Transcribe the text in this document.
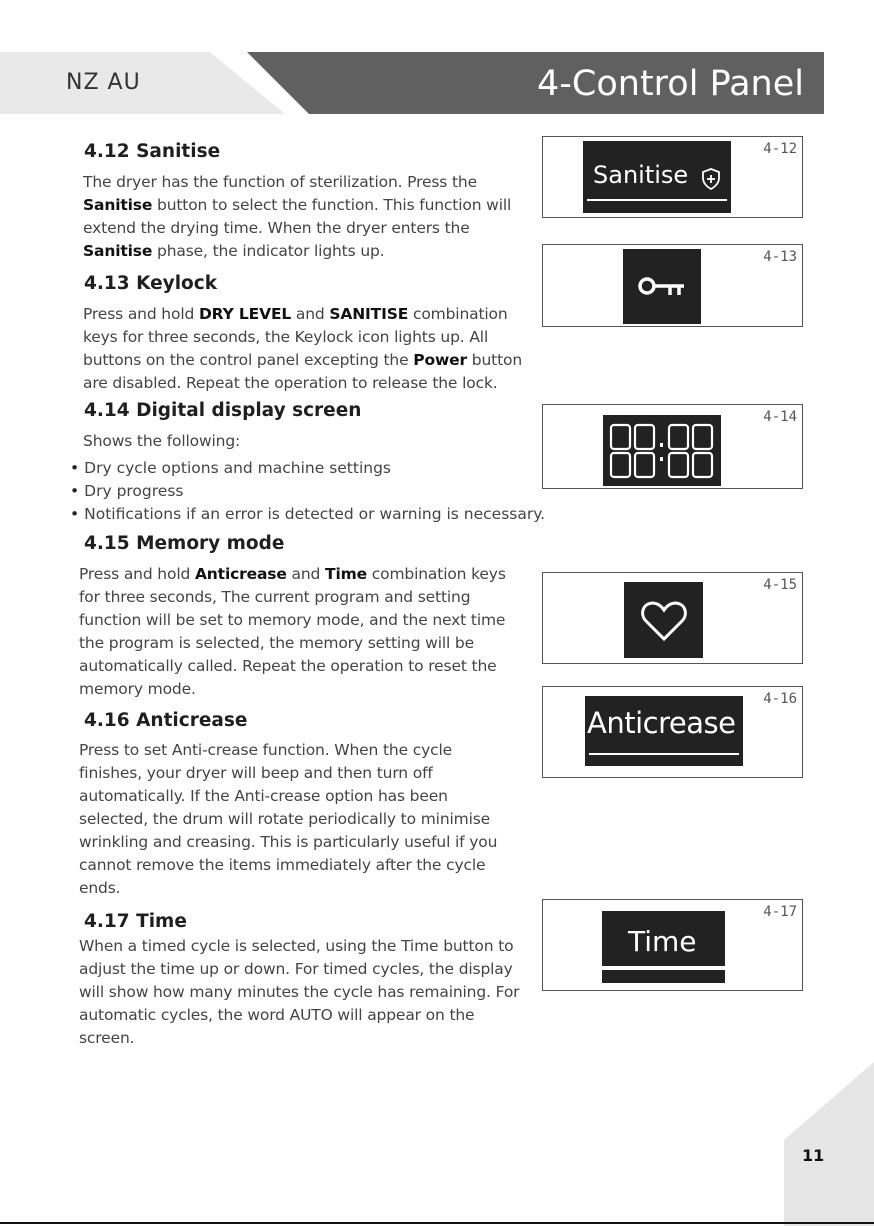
NZ AU	4-Control Panel
4.12 Sanitise

The dryer has the function of sterilization. Press the Sanitise button to select the function. This function will extend the drying time. When the dryer enters the Sanitise phase, the indicator lights up.

4.13 Keylock

Press and hold DRY LEVEL and SANITISE combination keys for three seconds, the Keylock icon lights up. All buttons on the control panel excepting the Power button are disabled. Repeat the operation to release the lock.

4.14 Digital display screen

Shows the following:

• Dry cycle options and machine settings
• Dry progress
• Notifications if an error is detected or warning is necessary.
4.15 Memory mode

Press and hold Anticrease and Time combination keys for three seconds, The current program and setting function will be set to memory mode, and the next time the program is selected, the memory setting will be automatically called. Repeat the operation to reset the memory mode.

4.16 Anticrease

Press to set Anti-crease function. When the cycle finishes, your dryer will beep and then turn off automatically. If the Anti-crease option has been selected, the drum will rotate periodically to minimise wrinkling and creasing. This is particularly useful if you cannot remove the items immediately after the cycle ends.

4.17 Time

When a timed cycle is selected, using the Time button to adjust the time up or down. For timed cycles, the display will show how many minutes the cycle has remaining. For automatic cycles, the word AUTO will appear on the screen.

4-12
Sanitise
4-13
4-14
4-15
4-16
Anticrease
4-17
Time
11
